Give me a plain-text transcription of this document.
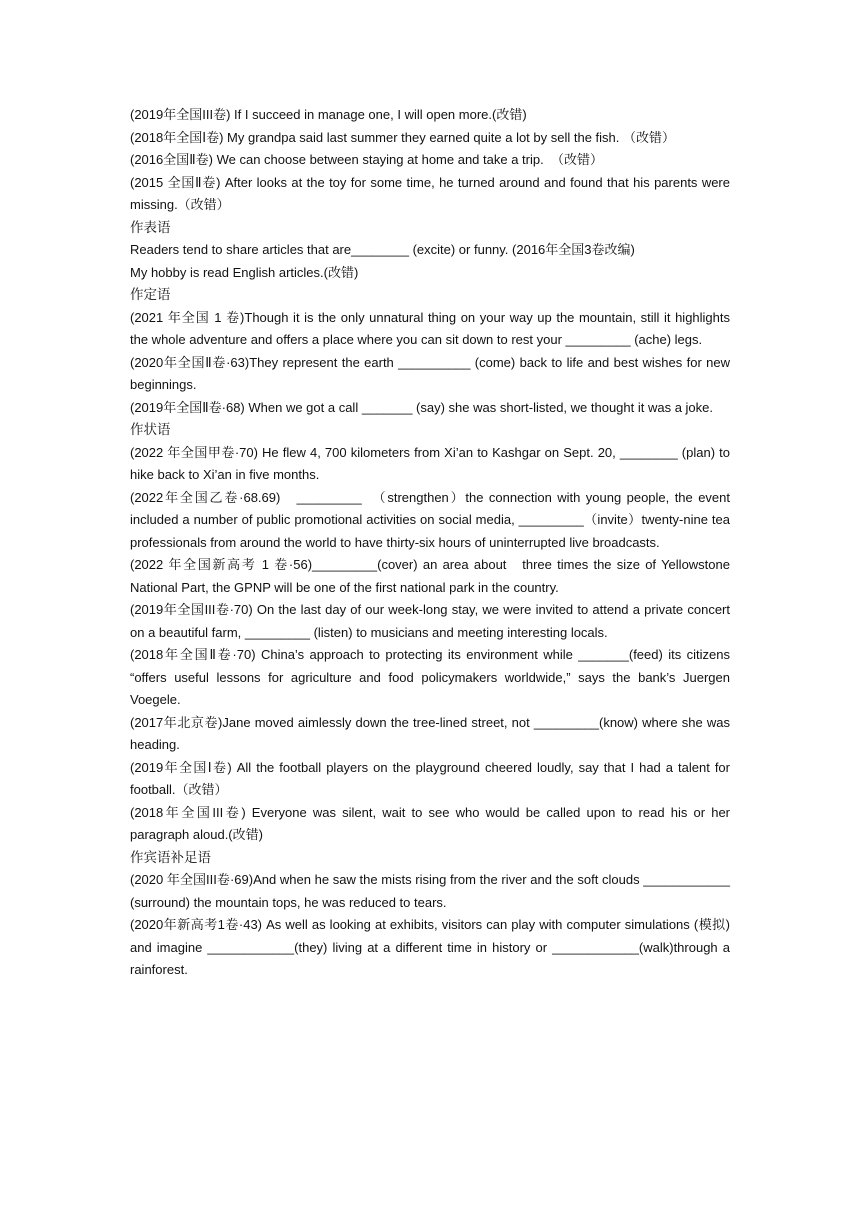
(2019年全国III卷) If I succeed in manage one, I will open more.(改错)

(2018年全国Ⅰ卷) My grandpa said last summer they earned quite a lot by sell the fish. （改错）

(2016全国Ⅱ卷) We can choose between staying at home and take a trip.  （改错）

(2015 全国Ⅱ卷) After looks at the toy for some time, he turned around and found that his parents were missing.（改错）

作表语

Readers tend to share articles that are________ (excite) or funny. (2016年全国3卷改编)

My hobby is read English articles.(改错)

作定语

(2021 年全国 1 卷)Though it is the only unnatural thing on your way up the mountain, still it highlights the whole adventure and offers a place where you can sit down to rest your _________ (ache) legs.

(2020年全国Ⅱ卷·63)They represent the earth __________ (come) back to life and best wishes for new beginnings.

(2019年全国Ⅱ卷·68) When we got a call _______ (say) she was short-listed, we thought it was a joke.

作状语

(2022 年全国甲卷·70) He flew 4, 700 kilometers from Xi’an to Kashgar on Sept. 20, ________ (plan) to hike back to Xi’an in five months.

(2022年全国乙卷·68.69)   _________  （strengthen）the connection with young people, the event included a number of public promotional activities on social media, _________（invite）twenty-nine tea professionals from around the world to have thirty-six hours of uninterrupted live broadcasts.

(2022 年全国新高考 1 卷·56)_________(cover) an area about   three times the size of Yellowstone National Part, the GPNP will be one of the first national park in the country.

(2019年全国III卷·70) On the last day of our week-long stay, we were invited to attend a private concert on a beautiful farm, _________ (listen) to musicians and meeting interesting locals.

(2018年全国Ⅱ卷·70) China’s approach to protecting its environment while _______(feed) its citizens “offers useful lessons for agriculture and food policymakers worldwide,” says the bank’s Juergen Voegele.

(2017年北京卷)Jane moved aimlessly down the tree-lined street, not _________(know) where she was heading.

(2019年全国Ⅰ卷) All the football players on the playground cheered loudly, say that I had a talent for football.（改错）

(2018年全国III卷) Everyone was silent, wait to see who would be called upon to read his or her paragraph aloud.(改错)

作宾语补足语

(2020 年全国III卷·69)And when he saw the mists rising from the river and the soft clouds ____________ (surround) the mountain tops, he was reduced to tears.

(2020年新高考1卷·43) As well as looking at exhibits, visitors can play with computer simulations (模拟) and imagine ____________(they) living at a different time in history or ____________(walk)through a rainforest.
